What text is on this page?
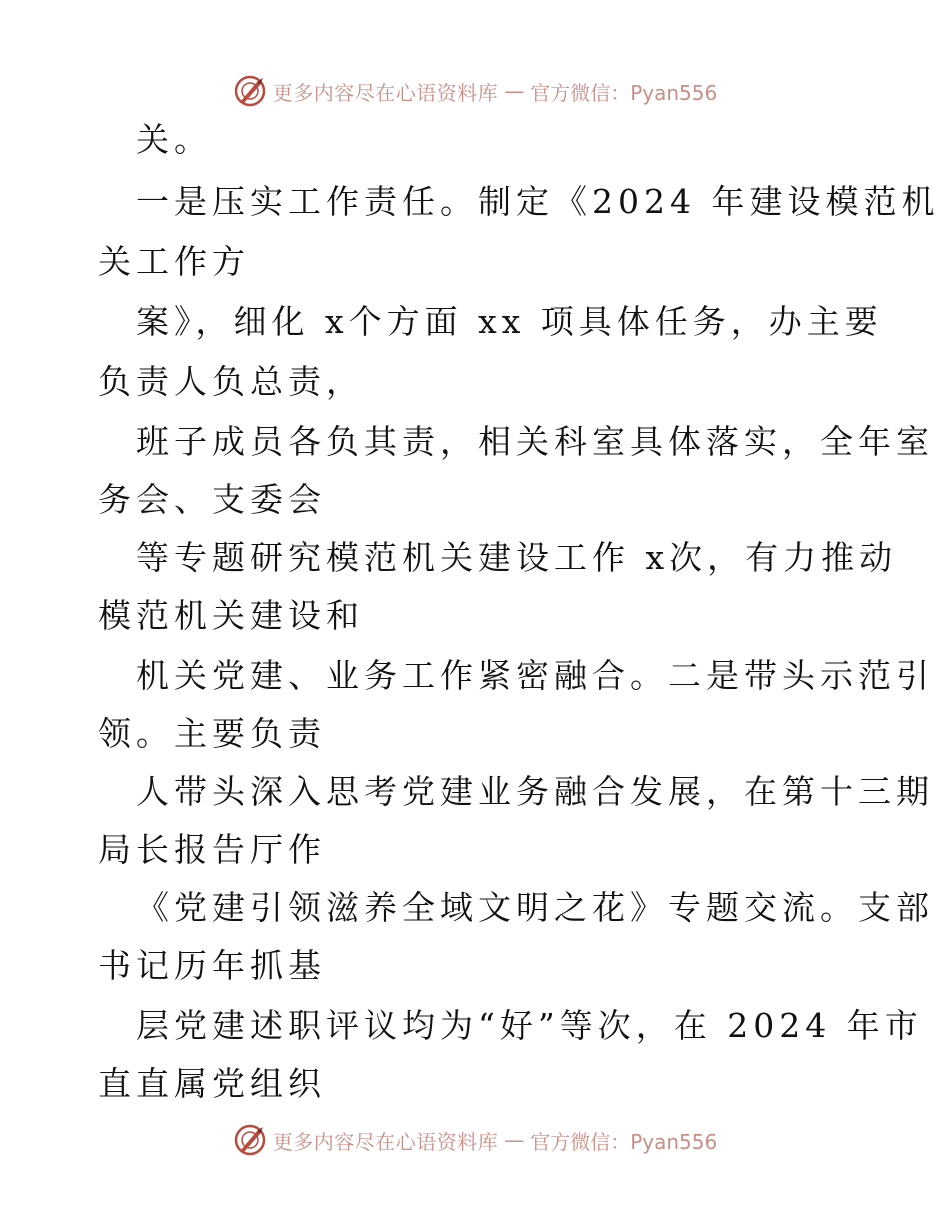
更多内容尽在心语资料库 — 官方微信：Pyan556
关。
一是压实工作责任。制定《2024 年建设模范机
关工作方
案》，细化 x个方面 xx 项具体任务，办主要
负责人负总责，
班子成员各负其责，相关科室具体落实，全年室
务会、支委会
等专题研究模范机关建设工作 x次，有力推动
模范机关建设和
机关党建、业务工作紧密融合。二是带头示范引
领。主要负责
人带头深入思考党建业务融合发展，在第十三期
局长报告厅作
《党建引领滋养全域文明之花》专题交流。支部
书记历年抓基
层党建述职评议均为“好”等次，在 2024 年市
直直属党组织
更多内容尽在心语资料库 — 官方微信：Pyan556
